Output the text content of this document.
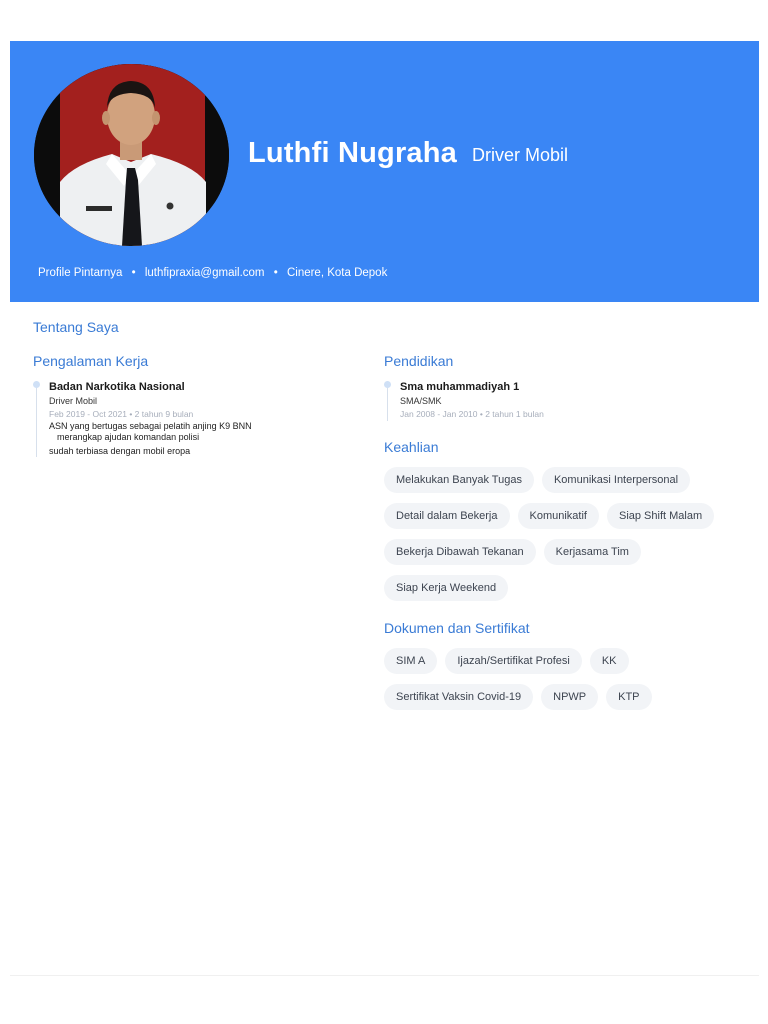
Luthfi Nugraha Driver Mobil
Profile Pintarnya • luthfipraxia@gmail.com • Cinere, Kota Depok
Tentang Saya
Pengalaman Kerja
Badan Narkotika Nasional
Driver Mobil
Feb 2019 - Oct 2021 • 2 tahun 9 bulan
ASN yang bertugas sebagai pelatih anjing K9 BNN
merangkap ajudan komandan polisi
sudah terbiasa dengan mobil eropa
Pendidikan
Sma muhammadiyah 1
SMA/SMK
Jan 2008 - Jan 2010 • 2 tahun 1 bulan
Keahlian
Melakukan Banyak Tugas	Komunikasi Interpersonal
Detail dalam Bekerja	Komunikatif	Siap Shift Malam
Bekerja Dibawah Tekanan	Kerjasama Tim
Siap Kerja Weekend
Dokumen dan Sertifikat
SIM A	Ijazah/Sertifikat Profesi	KK
Sertifikat Vaksin Covid-19	NPWP	KTP
